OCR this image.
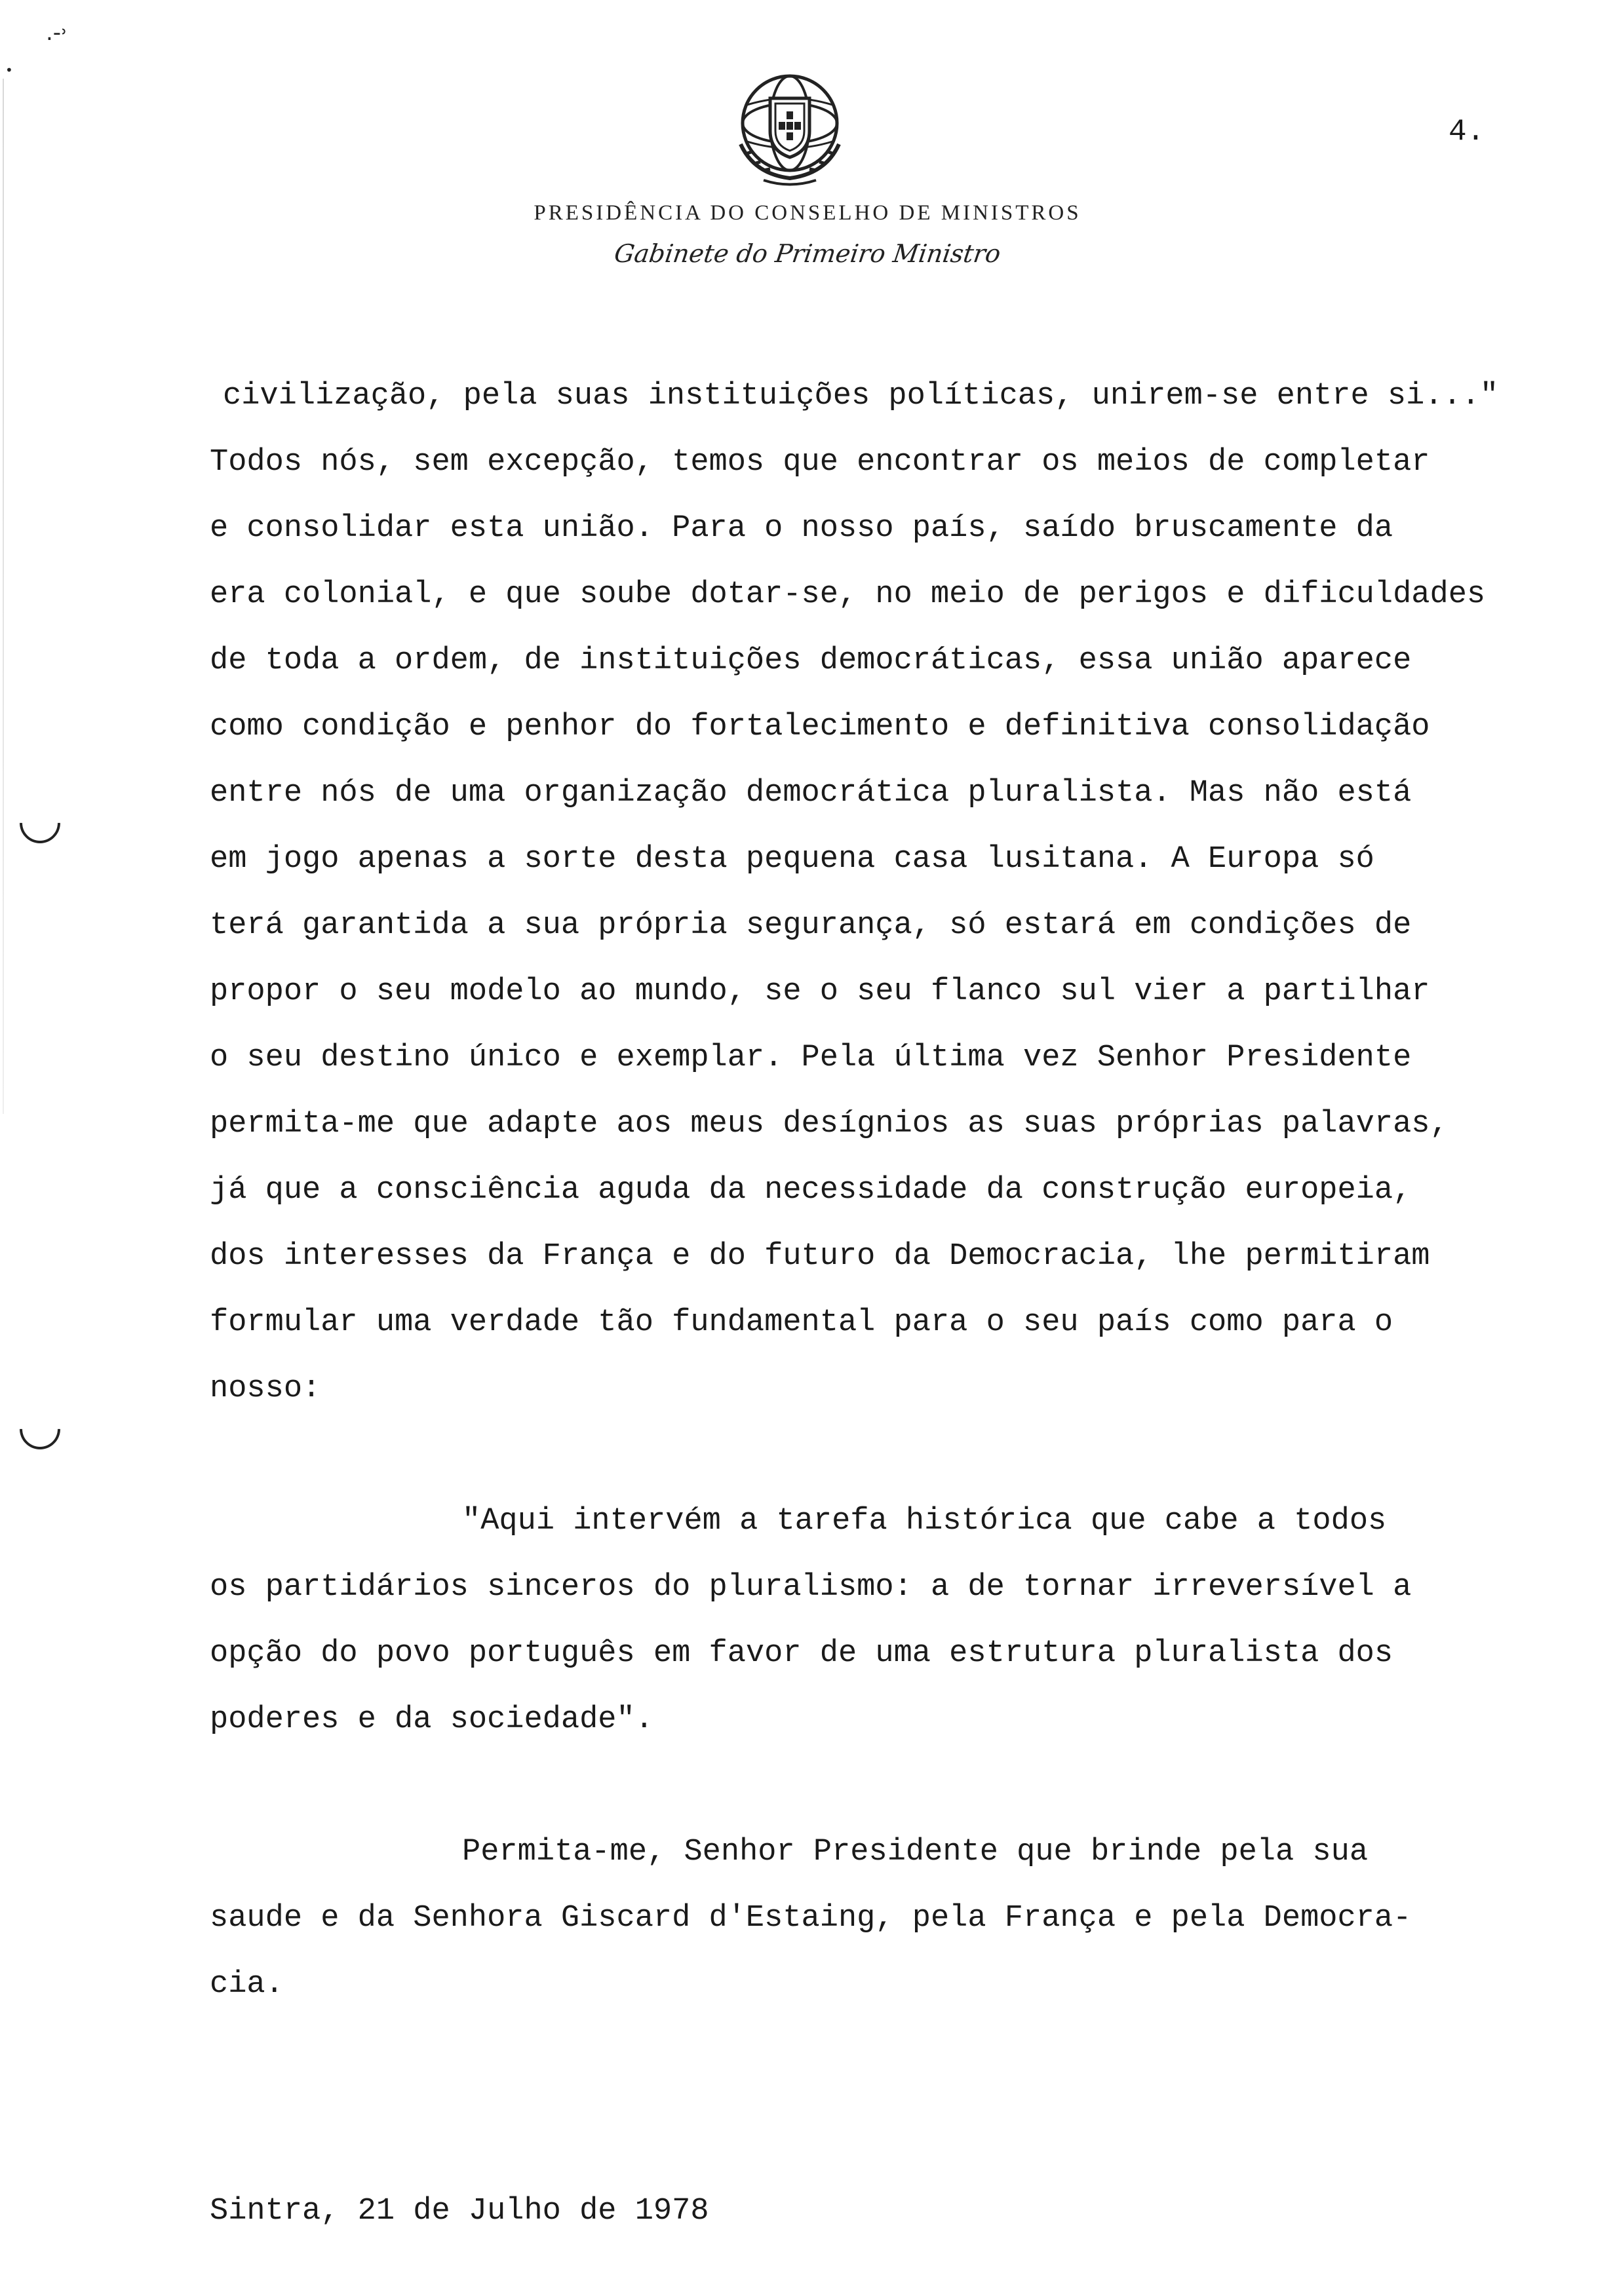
.-˒
•
4.
PRESIDÊNCIA DO CONSELHO DE MINISTROS
Gabinete do Primeiro Ministro
civilização, pela suas instituições políticas, unirem-se entre si..."
Todos nós, sem excepção, temos que encontrar os meios de completar
e consolidar esta união. Para o nosso país, saído bruscamente da
era colonial, e que soube dotar-se, no meio de perigos e dificuldades
de toda a ordem, de instituições democráticas, essa união aparece
como condição e penhor do fortalecimento e definitiva consolidação
entre nós de uma organização democrática pluralista. Mas não está
em jogo apenas a sorte desta pequena casa lusitana. A Europa só
terá garantida a sua própria segurança, só estará em condições de
propor o seu modelo ao mundo, se o seu flanco sul vier a partilhar
o seu destino único e exemplar. Pela última vez Senhor Presidente
permita-me que adapte aos meus desígnios as suas próprias palavras,
já que a consciência aguda da necessidade da construção europeia,
dos interesses da França e do futuro da Democracia, lhe permitiram
formular uma verdade tão fundamental para o seu país como para o
nosso:
"Aqui intervém a tarefa histórica que cabe a todos
os partidários sinceros do pluralismo: a de tornar irreversível a
opção do povo português em favor de uma estrutura pluralista dos
poderes e da sociedade".
Permita-me, Senhor Presidente que brinde pela sua
saude e da Senhora Giscard d'Estaing, pela França e pela Democra-
cia.
Sintra, 21 de Julho de 1978
